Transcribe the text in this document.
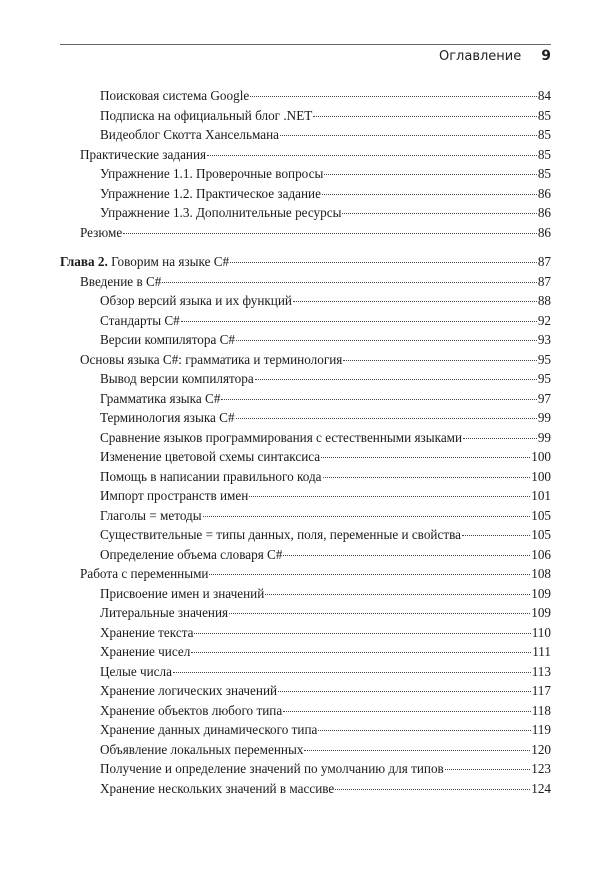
Оглавление 9
Поисковая система Google	84
Подписка на официальный блог .NET	85
Видеоблог Скотта Хансельмана	85
Практические задания	85
Упражнение 1.1. Проверочные вопросы	85
Упражнение 1.2. Практическое задание	86
Упражнение 1.3. Дополнительные ресурсы	86
Резюме	86
Глава 2. Говорим на языке C#	87
Введение в C#	87
Обзор версий языка и их функций	88
Стандарты C#	92
Версии компилятора C#	93
Основы языка C#: грамматика и терминология	95
Вывод версии компилятора	95
Грамматика языка C#	97
Терминология языка C#	99
Сравнение языков программирования с естественными языками	99
Изменение цветовой схемы синтаксиса	100
Помощь в написании правильного кода	100
Импорт пространств имен	101
Глаголы = методы	105
Существительные = типы данных, поля, переменные и свойства	105
Определение объема словаря C#	106
Работа с переменными	108
Присвоение имен и значений	109
Литеральные значения	109
Хранение текста	110
Хранение чисел	111
Целые числа	113
Хранение логических значений	117
Хранение объектов любого типа	118
Хранение данных динамического типа	119
Объявление локальных переменных	120
Получение и определение значений по умолчанию для типов	123
Хранение нескольких значений в массиве	124
